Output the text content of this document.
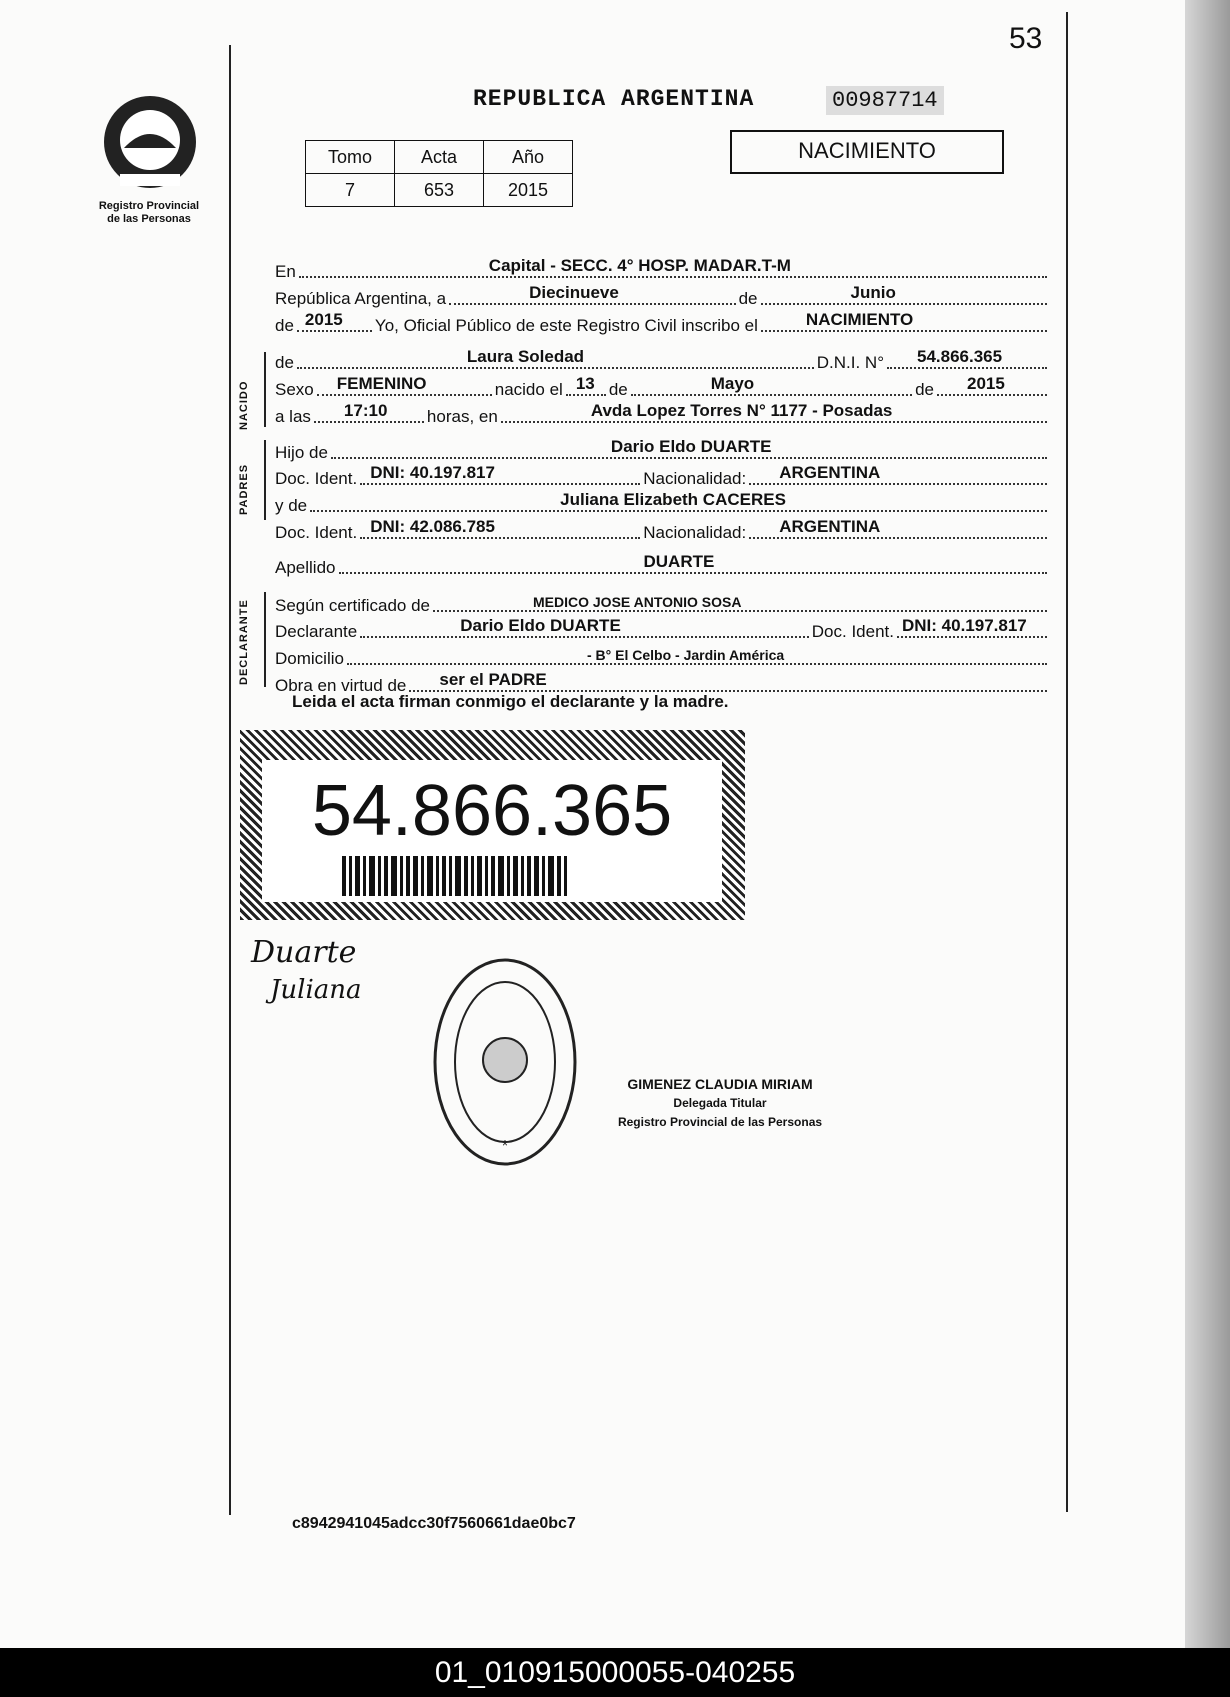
53
Registro Provincial
de las Personas
REPUBLICA ARGENTINA	00987714
NACIMIENTO
Tomo	Acta	Año
7	653	2015
En	Capital - SECC. 4° HOSP. MADAR.T-M
República Argentina, a	Diecinueve	de	Junio
de 2015 Yo, Oficial Público de este Registro Civil inscribo el	NACIMIENTO
NACIDO
de	Laura Soledad	D.N.I. N° 54.866.365
Sexo FEMENINO	nacido el 13 de	Mayo	de 2015
a las 17:10 horas, en	Avda Lopez Torres N° 1177 - Posadas
PADRES
Hijo de	Dario Eldo DUARTE
Doc. Ident. DNI: 40.197.817	Nacionalidad: ARGENTINA
y de	Juliana Elizabeth CACERES
Doc. Ident. DNI: 42.086.785	Nacionalidad: ARGENTINA
Apellido	DUARTE
DECLARANTE Según certificado de	MEDICO JOSE ANTONIO SOSA
Declarante	Dario Eldo DUARTE	Doc. Ident. DNI: 40.197.817
Domicilio	- B° El Celbo - Jardin América
Obra en virtud de ser el PADRE
Leida el acta firman conmigo el declarante y la madre.
54.866.365
Duarte
Juliana
*
GIMENEZ CLAUDIA MIRIAM
Delegada Titular
Registro Provincial de las Personas
c8942941045adcc30f7560661dae0bc7
01_010915000055-040255
